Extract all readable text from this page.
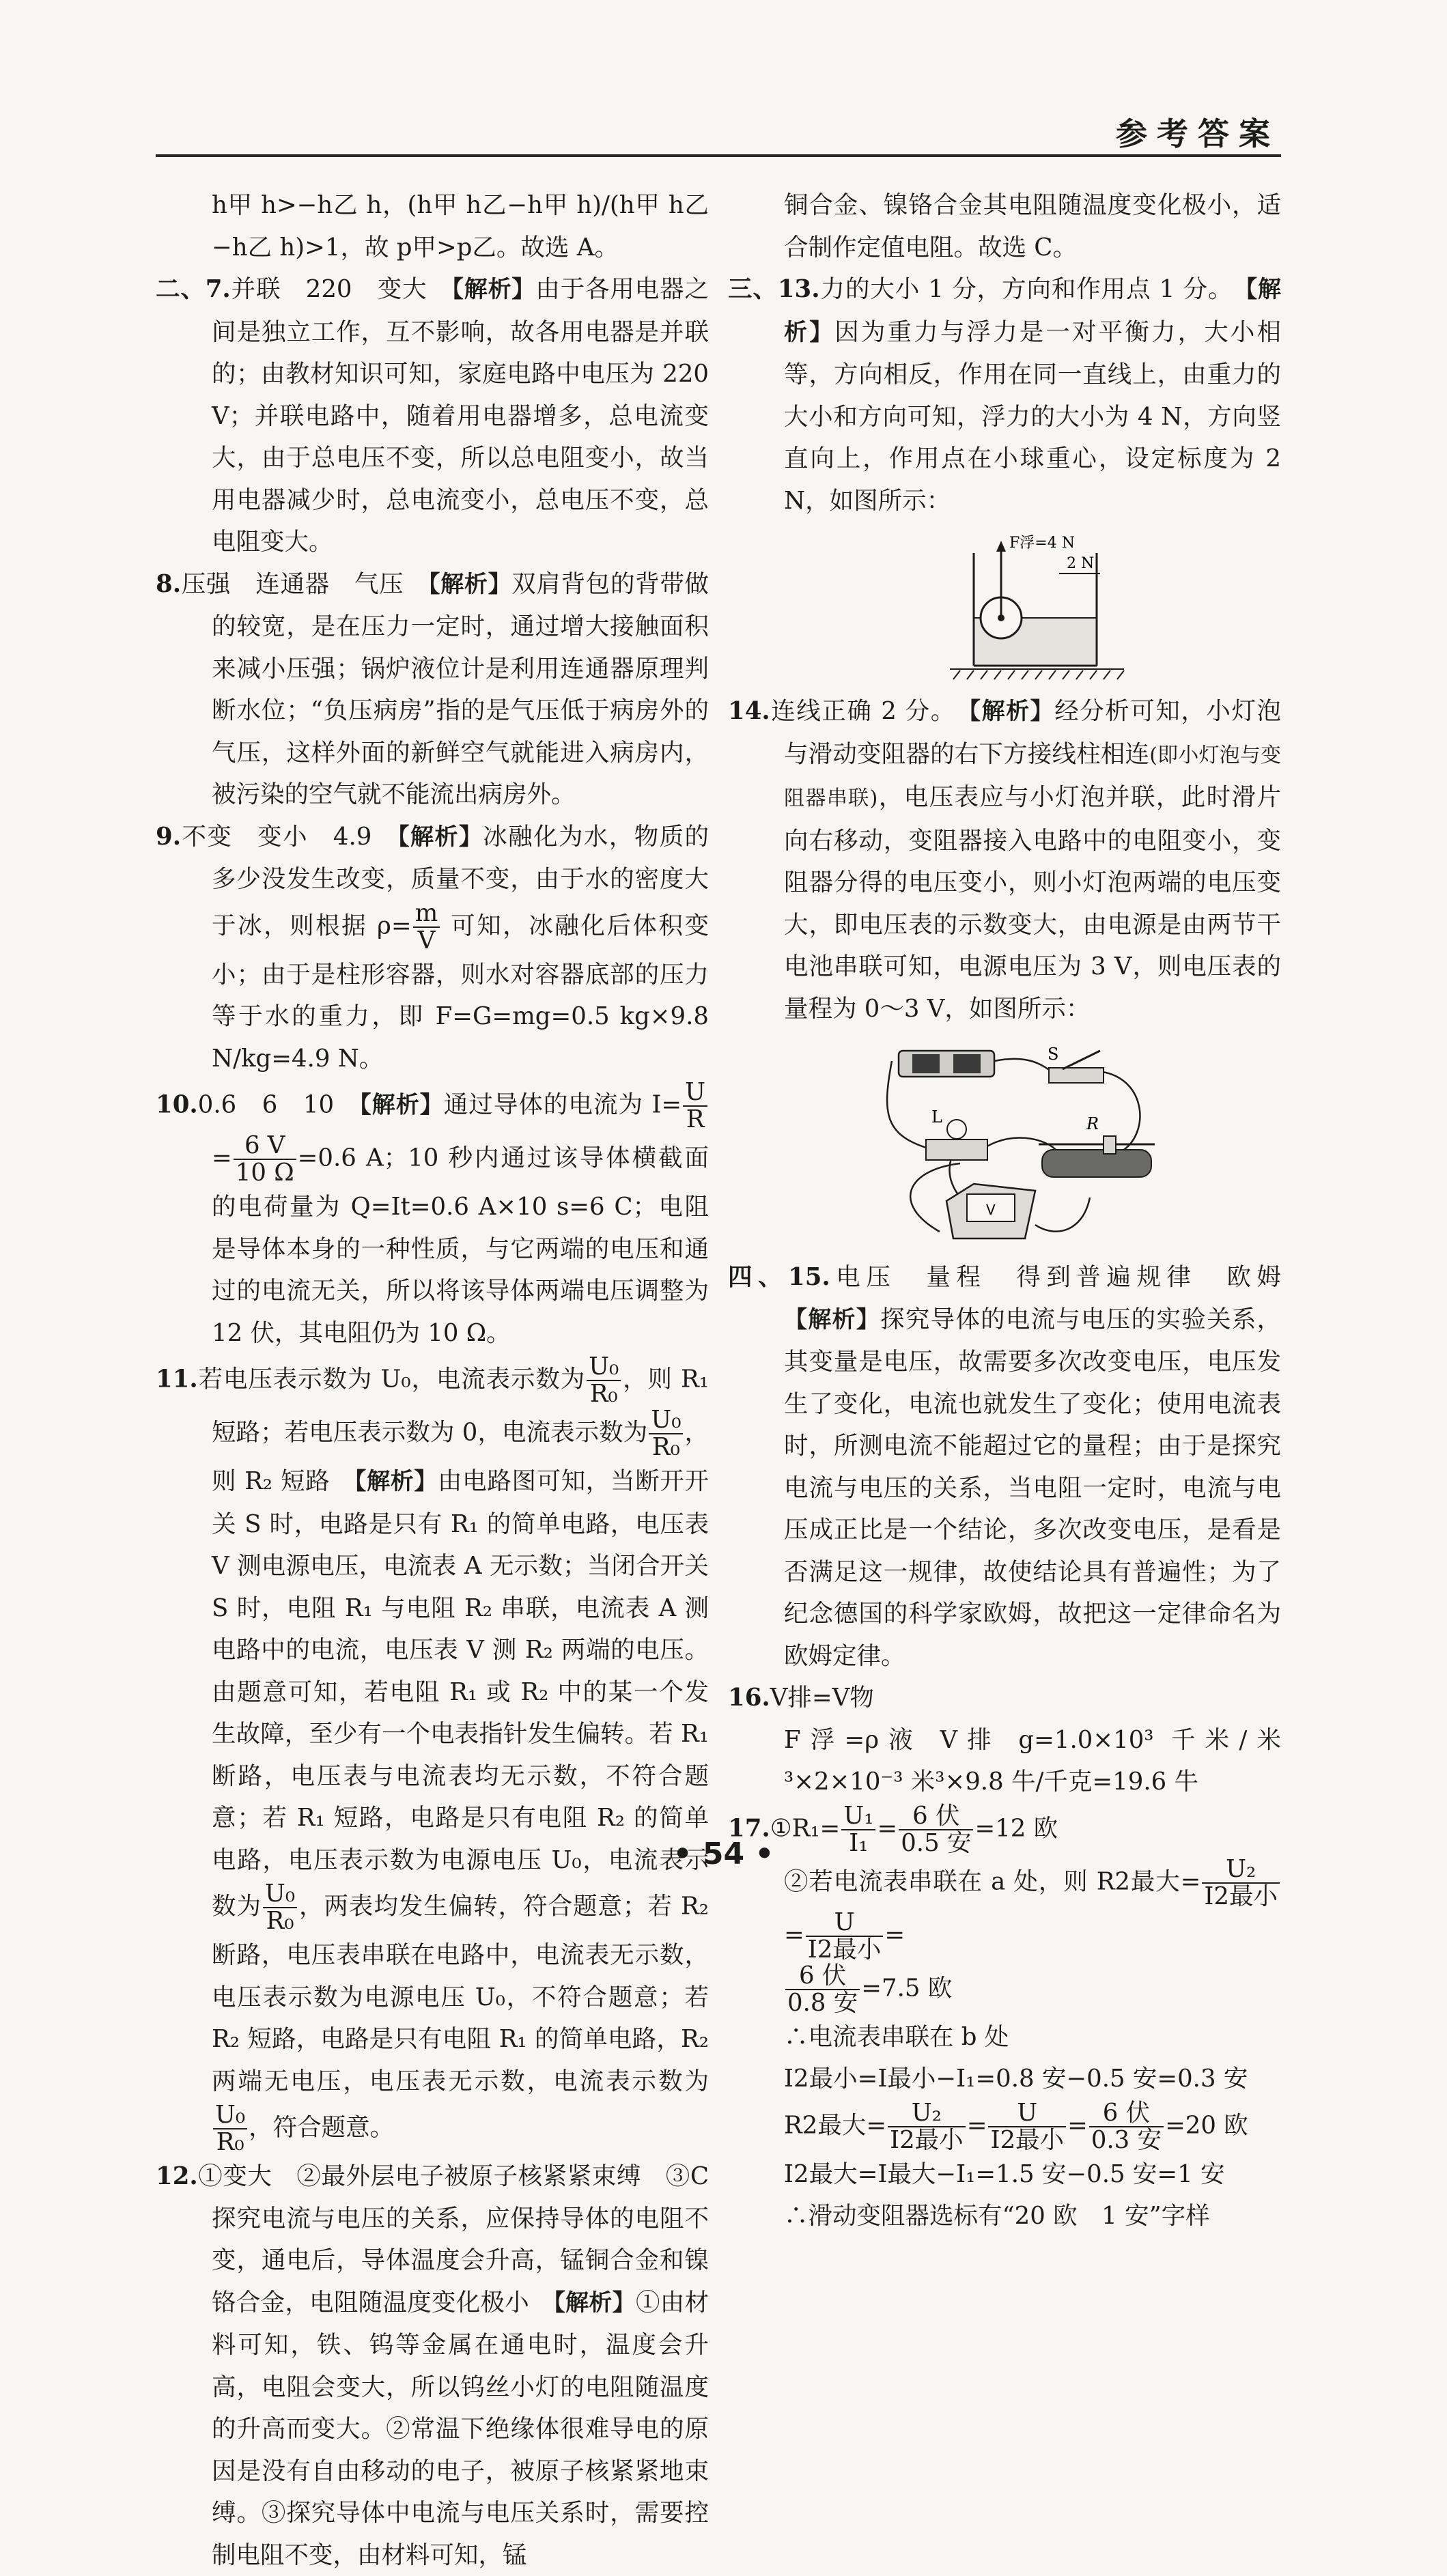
参考答案

h甲 h>−h乙 h，(h甲 h乙−h甲 h)/(h甲 h乙−h乙 h)>1，故 p甲>p乙。故选 A。

二、7.并联　220　变大　【解析】由于各用电器之间是独立工作，互不影响，故各用电器是并联的；由教材知识可知，家庭电路中电压为 220 V；并联电路中，随着用电器增多，总电流变大，由于总电压不变，所以总电阻变小，故当用电器减少时，总电流变小，总电压不变，总电阻变大。

8.压强　连通器　气压　【解析】双肩背包的背带做的较宽，是在压力一定时，通过增大接触面积来减小压强；锅炉液位计是利用连通器原理判断水位；“负压病房”指的是气压低于病房外的气压，这样外面的新鲜空气就能进入病房内，被污染的空气就不能流出病房外。

9.不变　变小　4.9　【解析】冰融化为水，物质的多少没发生改变，质量不变，由于水的密度大于冰，则根据 $\rho= \frac{m}{V}$ 可知，冰融化后体积变小；由于是柱形容器，则水对容器底部的压力等于水的重力，即 F=G=mg=0.5 kg×9.8 N/kg=4.9 N。

10.0.6　6　10　【解析】通过导体的电流为 $I= \frac{U}{R}$
= $\frac{6 V}{10 \Omega} =0.6$ A；10 秒内通过该导体横截面的电荷量为 Q=It=0.6 A×10 s=6 C；电阻是导体本身的一种性质，与它两端的电压和通过的电流无关，所以将该导体两端电压调整为 12 伏，其电阻仍为 10 Ω。

11.若电压表示数为 U₀，电流表示数为 $\frac{\text{U₀}}{\text{R₀}}$ ，则 R₁ 短路；若电压表示数为 0，电流表示数为 $\frac{\text{U₀}}{\text{R₀}}$ ，则 R₂ 短路　【解析】由电路图可知，当断开开关 S 时，电路是只有 R₁ 的简单电路，电压表 V 测电源电压，电流表 A 无示数；当闭合开关 S 时，电阻 R₁ 与电阻 R₂ 串联，电流表 A 测电路中的电流，电压表 V 测 R₂ 两端的电压。由题意可知，若电阻 R₁ 或 R₂ 中的某一个发生故障，至少有一个电表指针发生偏转。若 R₁ 断路，电压表与电流表均无示数，不符合题意；若 R₁ 短路，电路是只有电阻 R₂ 的简单电路，电压表示数为电源电压 U₀，电流表示数为 $\frac{\text{U₀}}{\text{R₀}}$ ，两表均发生偏转，符合题意；若 R₂ 断路，电压表串联在电路中，电流表无示数，电压表示数为电源电压 U₀，不符合题意；若 R₂ 短路，电路是只有电阻 R₁ 的简单电路，R₂ 两端无电压，电压表无示数，电流表示数为
$\frac{\text{U₀}}{\text{R₀}}$ ，符合题意。

12.①变大　②最外层电子被原子核紧紧束缚　③C　探究电流与电压的关系，应保持导体的电阻不变，通电后，导体温度会升高，锰铜合金和镍铬合金，电阻随温度变化极小　【解析】①由材料可知，铁、钨等金属在通电时，温度会升高，电阻会变大，所以钨丝小灯的电阻随温度的升高而变大。②常温下绝缘体很难导电的原因是没有自由移动的电子，被原子核紧紧地束缚。③探究导体中电流与电压关系时，需要控制电阻不变，由材料可知，锰

铜合金、镍铬合金其电阻随温度变化极小，适合制作定值电阻。故选 C。

三、13.力的大小 1 分，方向和作用点 1 分。　【解析】因为重力与浮力是一对平衡力，大小相等，方向相反，作用在同一直线上，由重力的大小和方向可知，浮力的大小为 4 N，方向竖直向上，作用点在小球重心，设定标度为 2 N，如图所示：

F浮=4 N
2 N

14.连线正确 2 分。　【解析】经分析可知，小灯泡与滑动变阻器的右下方接线柱相连(即小灯泡与变阻器串联)，电压表应与小灯泡并联，此时滑片向右移动，变阻器接入电路中的电阻变小，变阻器分得的电压变小，则小灯泡两端的电压变大，即电压表的示数变大，由电源是由两节干电池串联可知，电源电压为 3 V，则电压表的量程为 0～3 V，如图所示：

S
L	R
V

四、15.电压　量程　得到普遍规律　欧姆　【解析】探究导体的电流与电压的实验关系，其变量是电压，故需要多次改变电压，电压发生了变化，电流也就发生了变化；使用电流表时，所测电流不能超过它的量程；由于是探究电流与电压的关系，当电阻一定时，电流与电压成正比是一个结论，多次改变电压，是看是否满足这一规律，故使结论具有普遍性；为了纪念德国的科学家欧姆，故把这一定律命名为欧姆定律。

16.V排=V物

F浮=ρ液 V排 g=1.0×10³ 千米/米³×2×10⁻³ 米³×9.8 牛/千克=19.6 牛

17.①R₁= $\frac{\text{U₁}}{\text{I₁}} = \frac{\text{6 伏}}{\text{0.5 安}} =12$ 欧

②若电流表串联在 a 处，则 R2最大= $\frac{\text{U₂}}{\text{I2最小}}$
= $\frac{U}{\text{I2最小}}$ =

$\frac{\text{6 伏}}{\text{0.8 安}} =7.5$ 欧

∴电流表串联在 b 处

I2最小=I最小−I₁=0.8 安−0.5 安=0.3 安

R2最大= $\frac{\text{U₂}}{\text{I2最小}} = \frac{U}{\text{I2最小}} = \frac{\text{6 伏}}{\text{0.3 安}} =20$ 欧

I2最大=I最大−I₁=1.5 安−0.5 安=1 安

∴滑动变阻器选标有“20 欧　1 安”字样

• 54 •
